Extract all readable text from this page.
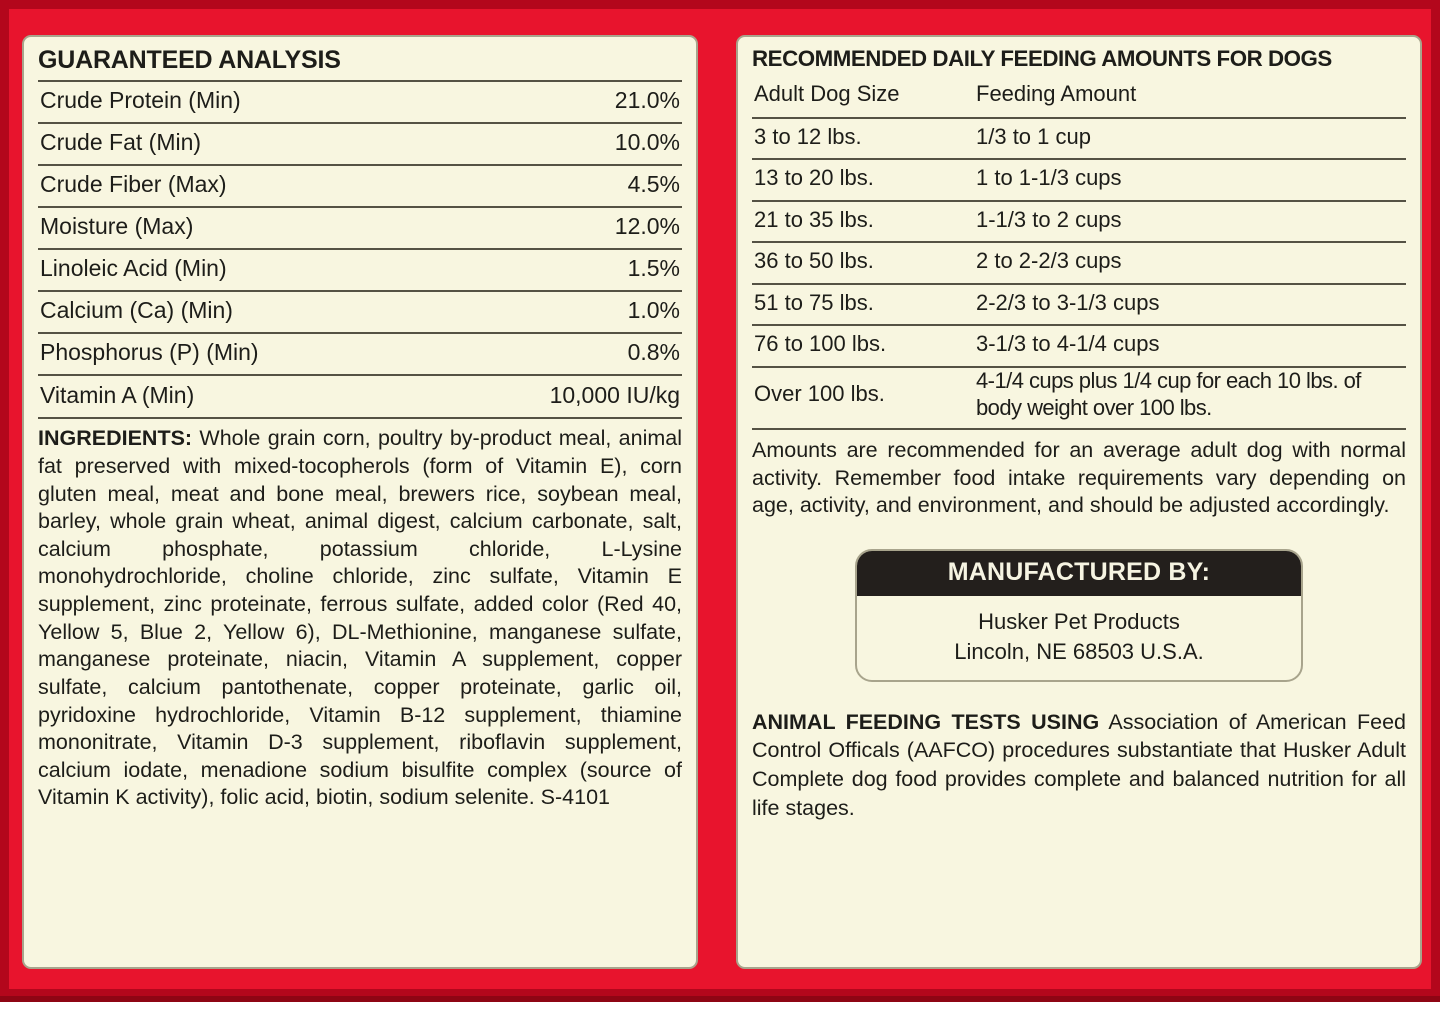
GUARANTEED ANALYSIS
Crude Protein (Min)	21.0%
Crude Fat (Min)	10.0%
Crude Fiber (Max)	4.5%
Moisture (Max)	12.0%
Linoleic Acid (Min)	1.5%
Calcium (Ca) (Min)	1.0%
Phosphorus (P) (Min)	0.8%
Vitamin A (Min)	10,000 IU/kg

INGREDIENTS: Whole grain corn, poultry by-product meal, animal fat preserved with mixed-tocopherols (form of Vitamin E), corn gluten meal, meat and bone meal, brewers rice, soybean meal, barley, whole grain wheat, animal digest, calcium carbonate, salt, calcium phosphate, potassium chloride, L-Lysine monohydrochloride, choline chloride, zinc sulfate, Vitamin E supplement, zinc proteinate, ferrous sulfate, added color (Red 40, Yellow 5, Blue 2, Yellow 6), DL-Methionine, manganese sulfate, manganese proteinate, niacin, Vitamin A supplement, copper sulfate, calcium pantothenate, copper proteinate, garlic oil, pyridoxine hydrochloride, Vitamin B-12 supplement, thiamine mononitrate, Vitamin D-3 supplement, riboflavin supplement, calcium iodate, menadione sodium bisulfite complex (source of Vitamin K activity), folic acid, biotin, sodium selenite. S-4101

RECOMMENDED DAILY FEEDING AMOUNTS FOR DOGS
Adult Dog Size	Feeding Amount
3 to 12 lbs.	1/3 to 1 cup
13 to 20 lbs.	1 to 1-1/3 cups
21 to 35 lbs.	1-1/3 to 2 cups
36 to 50 lbs.	2 to 2-2/3 cups
51 to 75 lbs.	2-2/3 to 3-1/3 cups
76 to 100 lbs.	3-1/3 to 4-1/4 cups
Over 100 lbs.	4-1/4 cups plus 1/4 cup for each 10 lbs. of body weight over 100 lbs.

Amounts are recommended for an average adult dog with normal activity. Remember food intake requirements vary depending on age, activity, and environment, and should be adjusted accordingly.

MANUFACTURED BY:
Husker Pet Products
Lincoln, NE 68503 U.S.A.

ANIMAL FEEDING TESTS USING Association of American Feed Control Officals (AAFCO) procedures substantiate that Husker Adult Complete dog food provides complete and balanced nutrition for all life stages.
